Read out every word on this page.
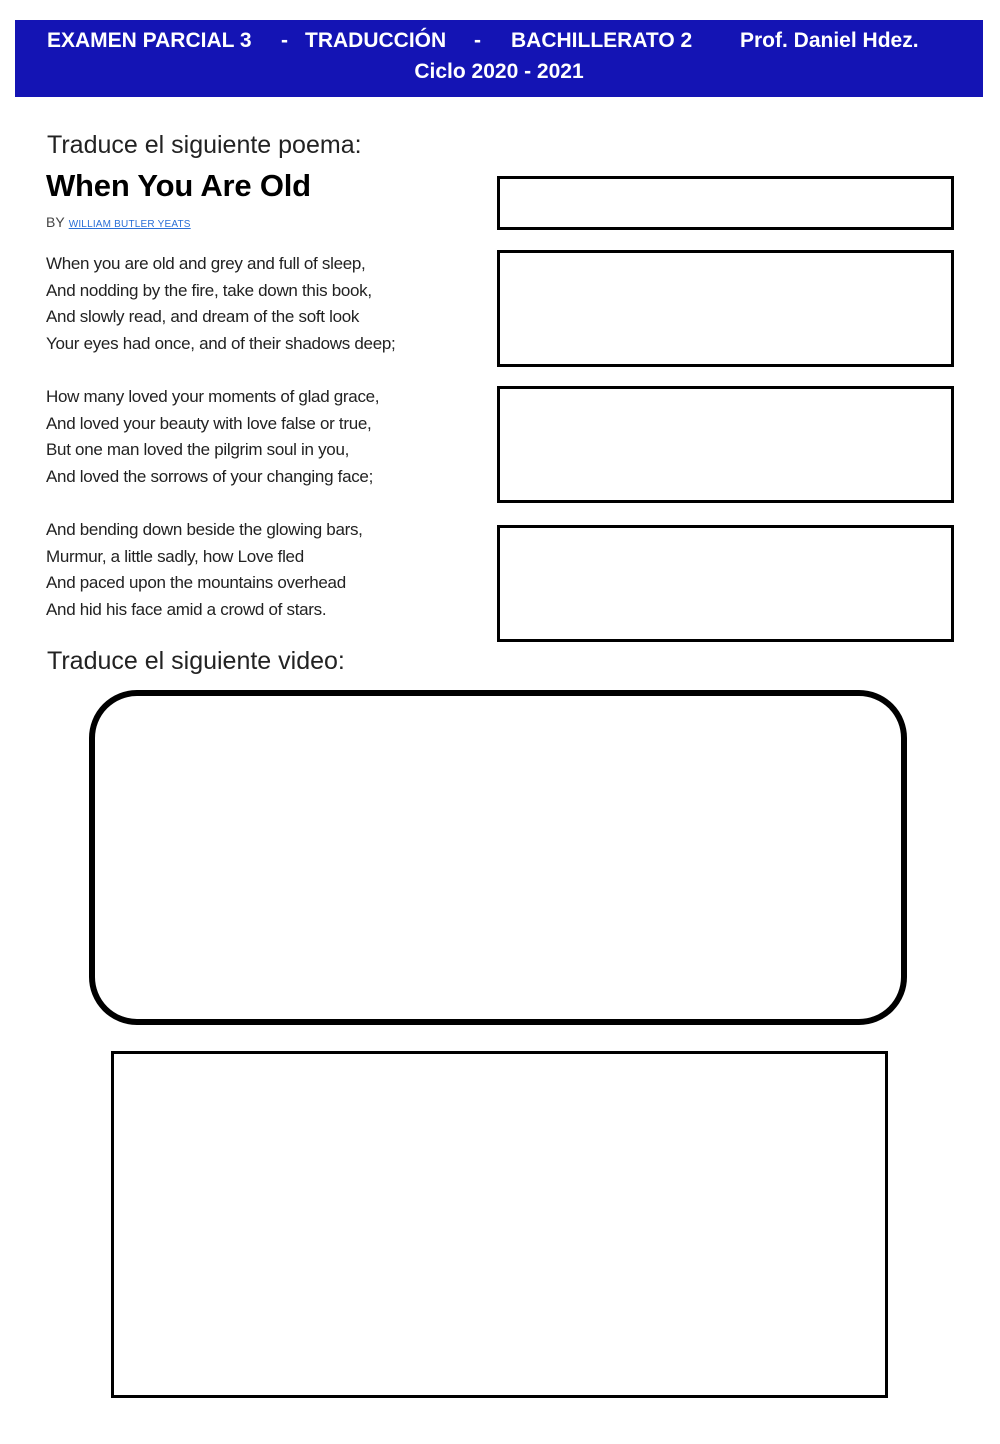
EXAMEN PARCIAL 3 - TRADUCCIÓN - BACHILLERATO 2 Prof. Daniel Hdez.
Ciclo 2020 - 2021
Traduce el siguiente poema:
When You Are Old
BY WILLIAM BUTLER YEATS
When you are old and grey and full of sleep,
And nodding by the fire, take down this book,
And slowly read, and dream of the soft look
Your eyes had once, and of their shadows deep;
How many loved your moments of glad grace,
And loved your beauty with love false or true,
But one man loved the pilgrim soul in you,
And loved the sorrows of your changing face;
And bending down beside the glowing bars,
Murmur, a little sadly, how Love fled
And paced upon the mountains overhead
And hid his face amid a crowd of stars.
Traduce el siguiente video:
